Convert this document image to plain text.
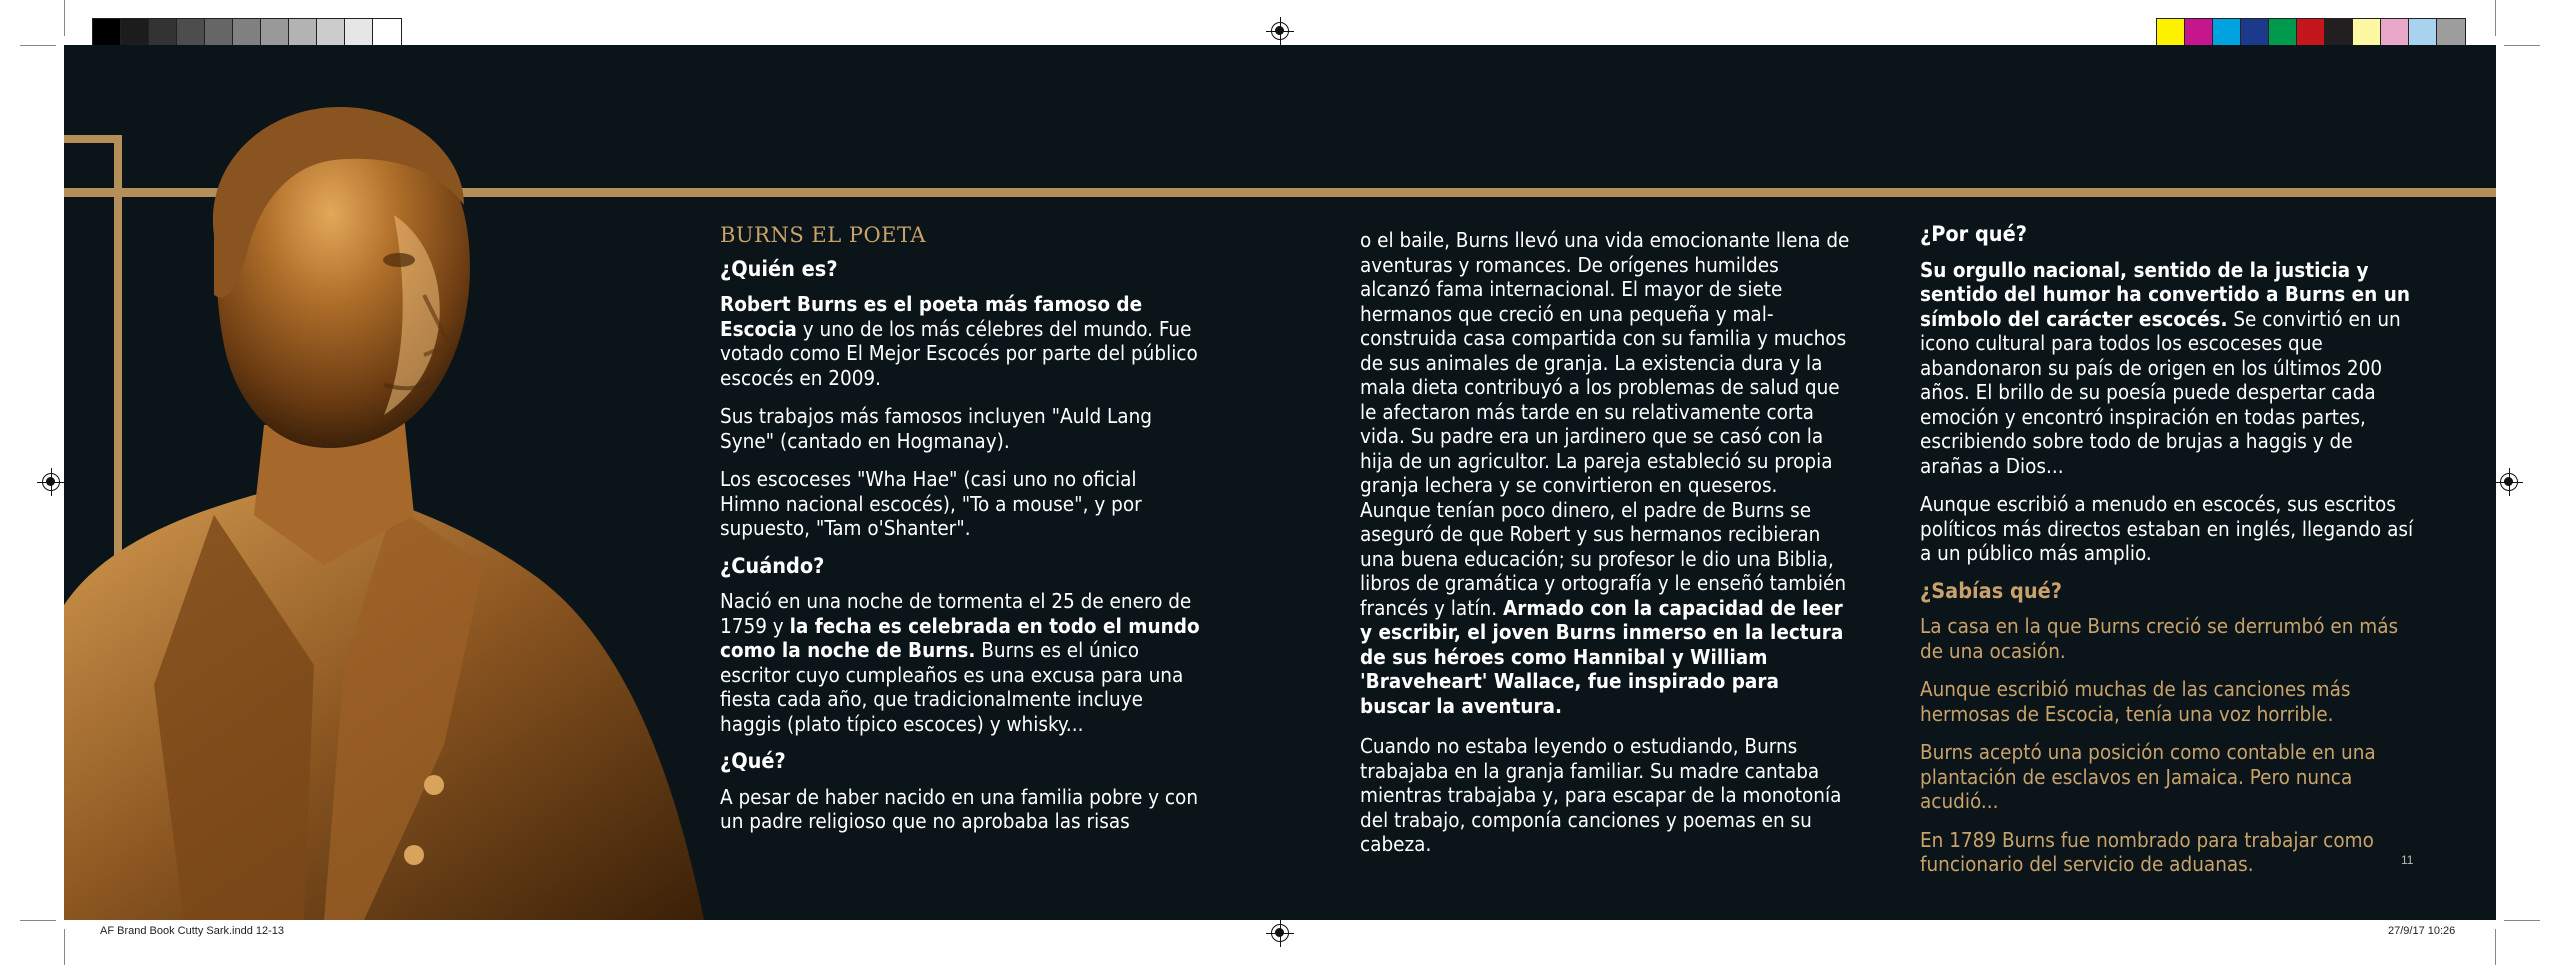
AF Brand Book Cutty Sark.indd 12-13	27/9/17 10:26
BURNS EL POETA
¿Quién es?

Robert Burns es el poeta más famoso de Escocia y uno de los más célebres del mundo. Fue votado como El Mejor Escocés por parte del público escocés en 2009.

Sus trabajos más famosos incluyen "Auld Lang Syne" (cantado en Hogmanay).

Los escoceses "Wha Hae" (casi uno no oficial Himno nacional escocés), "To a mouse", y por supuesto, "Tam o'Shanter".

¿Cuándo?

Nació en una noche de tormenta el 25 de enero de 1759 y la fecha es celebrada en todo el mundo como la noche de Burns. Burns es el único escritor cuyo cumpleaños es una excusa para una fiesta cada año, que tradicionalmente incluye haggis (plato típico escoces) y whisky...

¿Qué?

A pesar de haber nacido en una familia pobre y con un padre religioso que no aprobaba las risas

o el baile, Burns llevó una vida emocionante llena de aventuras y romances. De orígenes humildes alcanzó fama internacional. El mayor de siete hermanos que creció en una pequeña y mal-construida casa compartida con su familia y muchos de sus animales de granja. La existencia dura y la mala dieta contribuyó a los problemas de salud que le afectaron más tarde en su relativamente corta vida. Su padre era un jardinero que se casó con la hija de un agricultor. La pareja estableció su propia granja lechera y se convirtieron en queseros. Aunque tenían poco dinero, el padre de Burns se aseguró de que Robert y sus hermanos recibieran una buena educación; su profesor le dio una Biblia, libros de gramática y ortografía y le enseñó también francés y latín. Armado con la capacidad de leer y escribir, el joven Burns inmerso en la lectura de sus héroes como Hannibal y William 'Braveheart' Wallace, fue inspirado para buscar la aventura.

Cuando no estaba leyendo o estudiando, Burns trabajaba en la granja familiar. Su madre cantaba mientras trabajaba y, para escapar de la monotonía del trabajo, componía canciones y poemas en su cabeza.

¿Por qué?

Su orgullo nacional, sentido de la justicia y sentido del humor ha convertido a Burns en un símbolo del carácter escocés. Se convirtió en un icono cultural para todos los escoceses que abandonaron su país de origen en los últimos 200 años. El brillo de su poesía puede despertar cada emoción y encontró inspiración en todas partes, escribiendo sobre todo de brujas a haggis y de arañas a Dios...

Aunque escribió a menudo en escocés, sus escritos políticos más directos estaban en inglés, llegando así a un público más amplio.

¿Sabías qué?

La casa en la que Burns creció se derrumbó en más de una ocasión.

Aunque escribió muchas de las canciones más hermosas de Escocia, tenía una voz horrible.

Burns aceptó una posición como contable en una plantación de esclavos en Jamaica. Pero nunca acudió...

En 1789 Burns fue nombrado para trabajar como funcionario del servicio de aduanas.	11
